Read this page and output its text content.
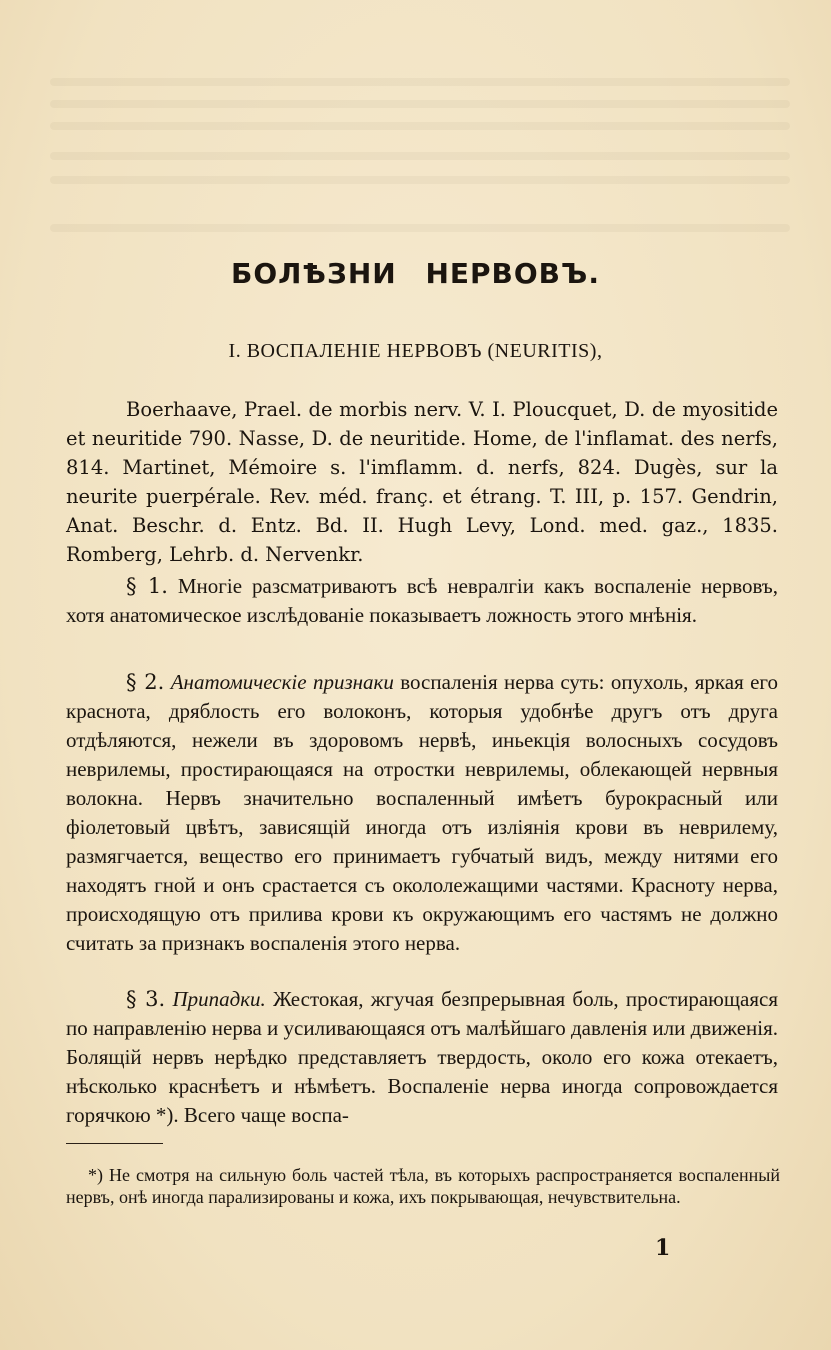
БОЛѢЗНИ НЕРВОВЪ.
I. ВОСПАЛЕНІЕ НЕРВОВЪ (NEURITIS),
Boerhaave, Prael. de morbis nerv. V. I. Ploucquet, D. de myositide et neuritide 790. Nasse, D. de neuritide. Home, de l'inflamat. des nerfs, 814. Martinet, Mémoire s. l'imflamm. d. nerfs, 824. Dugès, sur la neurite puerpérale. Rev. méd. franç. et étrang. T. III, p. 157. Gendrin, Anat. Beschr. d. Entz. Bd. II. Hugh Levy, Lond. med. gaz., 1835. Romberg, Lehrb. d. Nervenkr.
§ 1. Многіе разсматриваютъ всѣ невралгіи какъ воспаленіе нервовъ, хотя анатомическое изслѣдованіе показываетъ ложность этого мнѣнія.
§ 2. Анатомическіе признаки воспаленія нерва суть: опухоль, яркая его краснота, дряблость его волоконъ, которыя удобнѣе другъ отъ друга отдѣляются, нежели въ здоровомъ нервѣ, иньекція волосныхъ сосудовъ неврилемы, простирающаяся на отростки неврилемы, облекающей нервныя волокна. Нервъ значительно воспаленный имѣетъ бурокрасный или фіолетовый цвѣтъ, зависящій иногда отъ изліянія крови въ неврилему, размягчается, вещество его принимаетъ губчатый видъ, между нитями его находятъ гной и онъ срастается съ окололежащими частями. Красноту нерва, происходящую отъ прилива крови къ окружающимъ его частямъ не должно считать за признакъ воспаленія этого нерва.
§ 3. Припадки. Жестокая, жгучая безпрерывная боль, простирающаяся по направленію нерва и усиливающаяся отъ малѣйшаго давленія или движенія. Болящій нервъ нерѣдко представляетъ твердость, около его кожа отекаетъ, нѣсколько краснѣетъ и нѣмѣетъ. Воспаленіе нерва иногда сопровождается горячкою *). Всего чаще воспа-
*) Не смотря на сильную боль частей тѣла, въ которыхъ распространяется воспаленный нервъ, онѣ иногда парализированы и кожа, ихъ покрывающая, нечувствительна.
1
